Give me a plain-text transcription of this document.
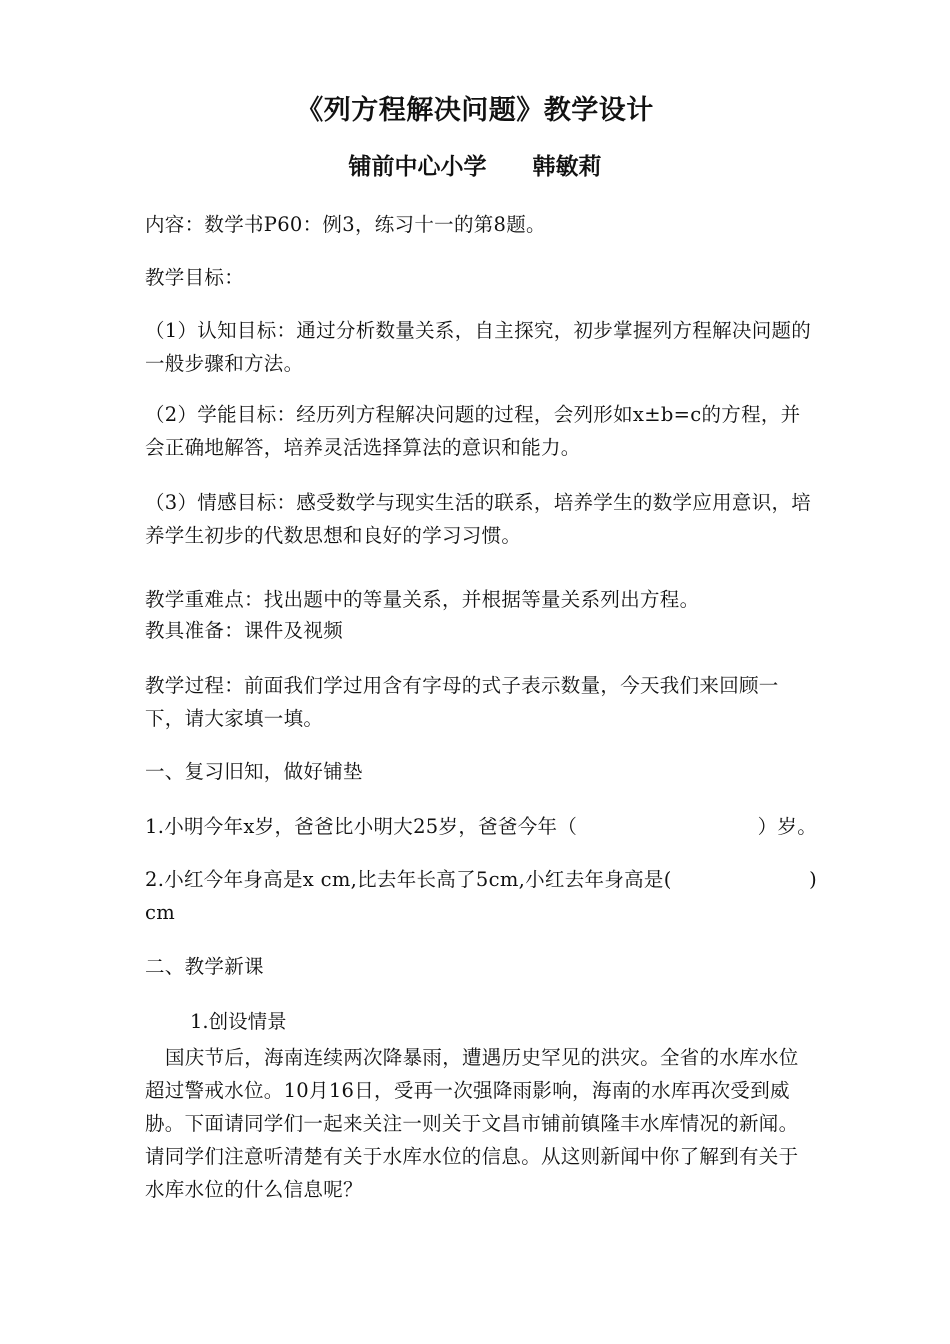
《列方程解决问题》教学设计
铺前中心小学 韩敏莉
内容：数学书P60：例3，练习十一的第8题。
教学目标：
（1）认知目标：通过分析数量关系，自主探究，初步掌握列方程解决问题的一般步骤和方法。
（2）学能目标：经历列方程解决问题的过程，会列形如x±b=c的方程，并会正确地解答，培养灵活选择算法的意识和能力。
（3）情感目标：感受数学与现实生活的联系，培养学生的数学应用意识，培养学生初步的代数思想和良好的学习习惯。
教学重难点：找出题中的等量关系，并根据等量关系列出方程。
教具准备：课件及视频
教学过程：前面我们学过用含有字母的式子表示数量，今天我们来回顾一下，请大家填一填。
一、复习旧知，做好铺垫
1.小明今年x岁，爸爸比小明大25岁，爸爸今年（	）岁。
2.小红今年身高是x cm,比去年长高了5cm,小红去年身高是(	)
cm
二、教学新课
1.创设情景
国庆节后，海南连续两次降暴雨，遭遇历史罕见的洪灾。全省的水库水位超过警戒水位。10月16日，受再一次强降雨影响，海南的水库再次受到威胁。下面请同学们一起来关注一则关于文昌市铺前镇隆丰水库情况的新闻。请同学们注意听清楚有关于水库水位的信息。从这则新闻中你了解到有关于水库水位的什么信息呢？
